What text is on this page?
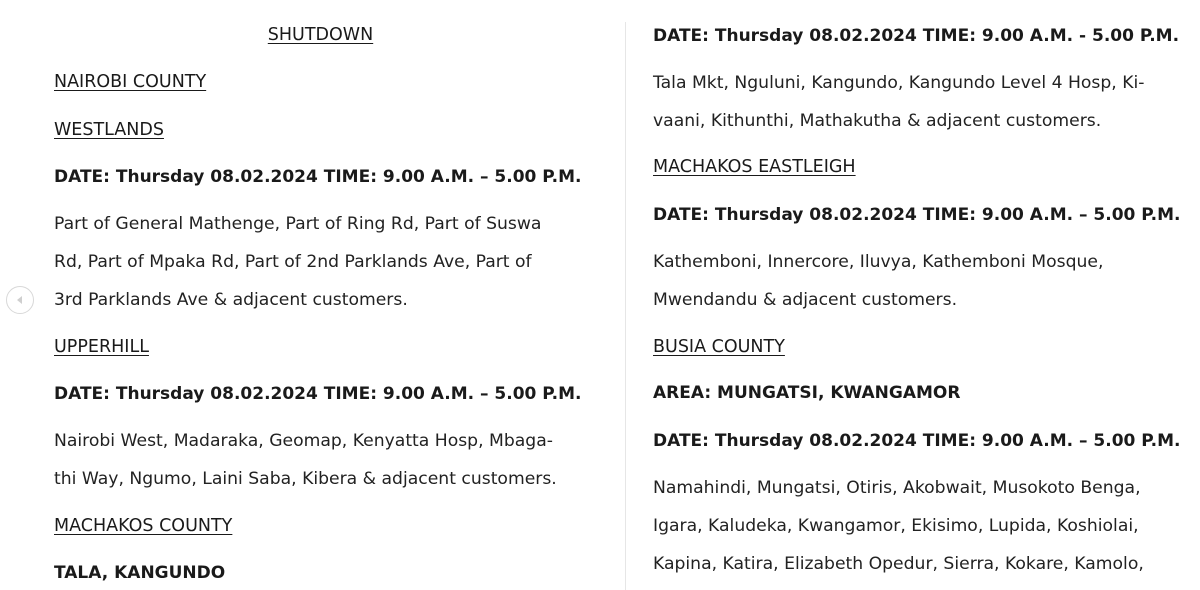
SHUTDOWN
NAIROBI COUNTY
WESTLANDS
DATE: Thursday 08.02.2024 TIME: 9.00 A.M. – 5.00 P.M.
Part of General Mathenge, Part of Ring Rd, Part of Suswa
Rd, Part of Mpaka Rd, Part of 2nd Parklands Ave, Part of
3rd Parklands Ave & adjacent customers.
UPPERHILL
DATE: Thursday 08.02.2024 TIME: 9.00 A.M. – 5.00 P.M.
Nairobi West, Madaraka, Geomap, Kenyatta Hosp, Mbaga-
thi Way, Ngumo, Laini Saba, Kibera & adjacent customers.
MACHAKOS COUNTY
TALA, KANGUNDO
DATE: Thursday 08.02.2024 TIME: 9.00 A.M. - 5.00 P.M.
Tala Mkt, Nguluni, Kangundo, Kangundo Level 4 Hosp, Ki-
vaani, Kithunthi, Mathakutha & adjacent customers.
MACHAKOS EASTLEIGH
DATE: Thursday 08.02.2024 TIME: 9.00 A.M. – 5.00 P.M.
Kathemboni, Innercore, Iluvya, Kathemboni Mosque,
Mwendandu & adjacent customers.
BUSIA COUNTY
AREA: MUNGATSI, KWANGAMOR
DATE: Thursday 08.02.2024 TIME: 9.00 A.M. – 5.00 P.M.
Namahindi, Mungatsi, Otiris, Akobwait, Musokoto Benga,
Igara, Kaludeka, Kwangamor, Ekisimo, Lupida, Koshiolai,
Kapina, Katira, Elizabeth Opedur, Sierra, Kokare, Kamolo,
